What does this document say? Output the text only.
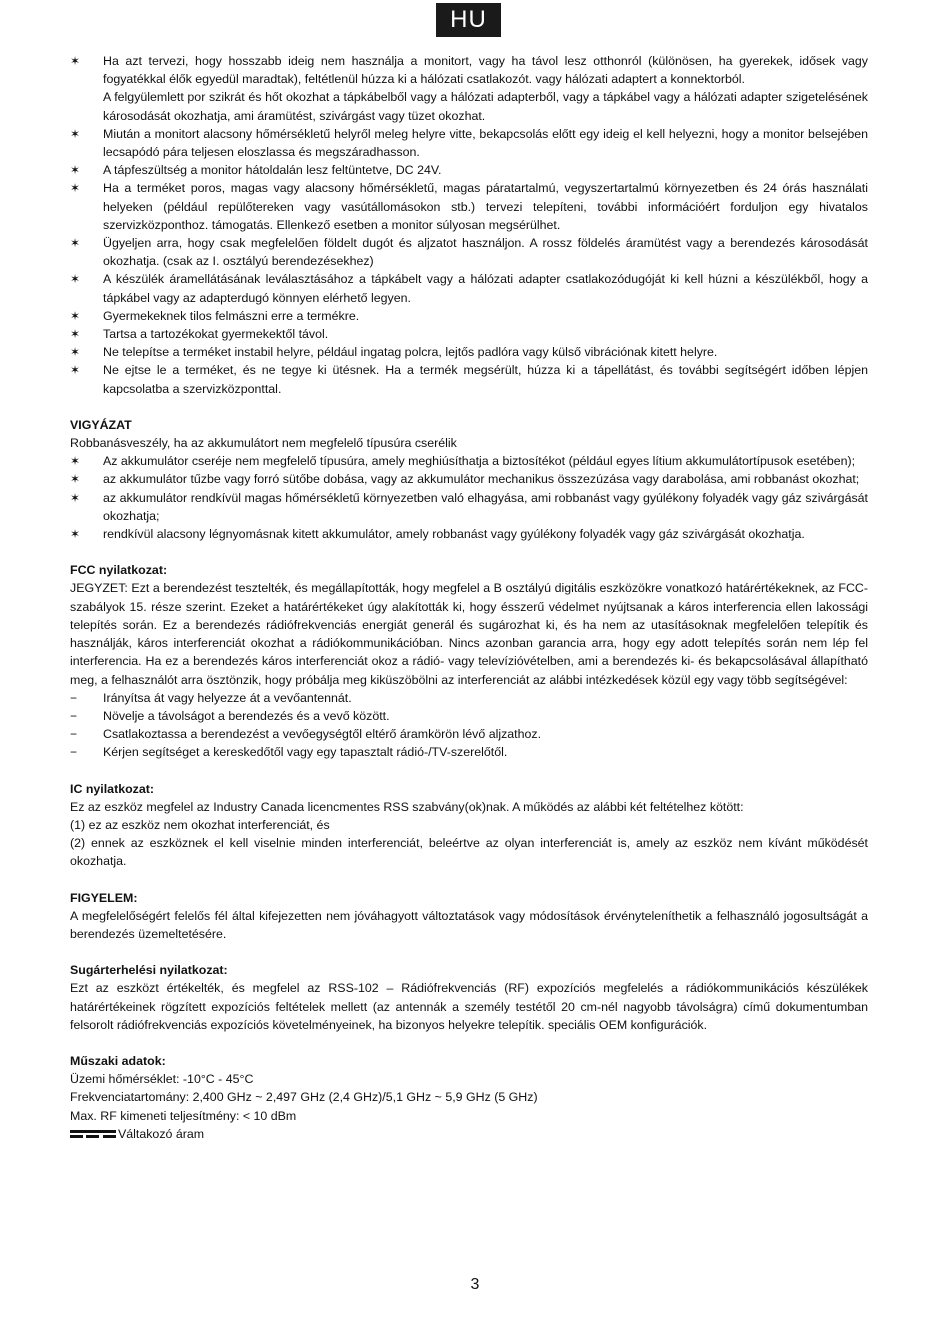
HU
✶ Ha azt tervezi, hogy hosszabb ideig nem használja a monitort, vagy ha távol lesz otthonról (különösen, ha gyerekek, idősek vagy fogyatékkal élők egyedül maradtak), feltétlenül húzza ki a hálózati csatlakozót. vagy hálózati adaptert a konnektorból.
A felgyülemlett por szikrát és hőt okozhat a tápkábelből vagy a hálózati adapterből, vagy a tápkábel vagy a hálózati adapter szigetelésének károsodását okozhatja, ami áramütést, szivárgást vagy tüzet okozhat.
✶ Miután a monitort alacsony hőmérsékletű helyről meleg helyre vitte, bekapcsolás előtt egy ideig el kell helyezni, hogy a monitor belsejében lecsapódó pára teljesen eloszlassa és megszáradhasson.
✶ A tápfeszültség a monitor hátoldalán lesz feltüntetve, DC 24V.
✶ Ha a terméket poros, magas vagy alacsony hőmérsékletű, magas páratartalmú, vegyszertartalmú környezetben és 24 órás használati helyeken (például repülőtereken vagy vasútállomásokon stb.) tervezi telepíteni, további információért forduljon egy hivatalos szervizközponthoz. támogatás. Ellenkező esetben a monitor súlyosan megsérülhet.
✶ Ügyeljen arra, hogy csak megfelelően földelt dugót és aljzatot használjon. A rossz földelés áramütést vagy a berendezés károsodását okozhatja. (csak az I. osztályú berendezésekhez)
✶ A készülék áramellátásának leválasztásához a tápkábelt vagy a hálózati adapter csatlakozódugóját ki kell húzni a készülékből, hogy a tápkábel vagy az adapterdugó könnyen elérhető legyen.
✶ Gyermekeknek tilos felmászni erre a termékre.
✶ Tartsa a tartozékokat gyermekektől távol.
✶ Ne telepítse a terméket instabil helyre, például ingatag polcra, lejtős padlóra vagy külső vibrációnak kitett helyre.
✶ Ne ejtse le a terméket, és ne tegye ki ütésnek. Ha a termék megsérült, húzza ki a tápellátást, és további segítségért időben lépjen kapcsolatba a szervizközponttal.
VIGYÁZAT

Robbanásveszély, ha az akkumulátort nem megfelelő típusúra cserélik

✶ Az akkumulátor cseréje nem megfelelő típusúra, amely meghiúsíthatja a biztosítékot (például egyes lítium akkumulátortípusok esetében);
✶ az akkumulátor tűzbe vagy forró sütőbe dobása, vagy az akkumulátor mechanikus összezúzása vagy darabolása, ami robbanást okozhat;
✶ az akkumulátor rendkívül magas hőmérsékletű környezetben való elhagyása, ami robbanást vagy gyúlékony folyadék vagy gáz szivárgását okozhatja;
✶ rendkívül alacsony légnyomásnak kitett akkumulátor, amely robbanást vagy gyúlékony folyadék vagy gáz szivárgását okozhatja.
FCC nyilatkozat:

JEGYZET: Ezt a berendezést tesztelték, és megállapították, hogy megfelel a B osztályú digitális eszközökre vonatkozó határértékeknek, az FCC-szabályok 15. része szerint. Ezeket a határértékeket úgy alakították ki, hogy ésszerű védelmet nyújtsanak a káros interferencia ellen lakossági telepítés során. Ez a berendezés rádiófrekvenciás energiát generál és sugározhat ki, és ha nem az utasításoknak megfelelően telepítik és használják, káros interferenciát okozhat a rádiókommunikációban. Nincs azonban garancia arra, hogy egy adott telepítés során nem lép fel interferencia. Ha ez a berendezés káros interferenciát okoz a rádió- vagy televízióvételben, ami a berendezés ki- és bekapcsolásával állapítható meg, a felhasználót arra ösztönzik, hogy próbálja meg kiküszöbölni az interferenciát az alábbi intézkedések közül egy vagy több segítségével:

− Irányítsa át vagy helyezze át a vevőantennát.
− Növelje a távolságot a berendezés és a vevő között.
− Csatlakoztassa a berendezést a vevőegységtől eltérő áramkörön lévő aljzathoz.
− Kérjen segítséget a kereskedőtől vagy egy tapasztalt rádió-/TV-szerelőtől.
IC nyilatkozat:

Ez az eszköz megfelel az Industry Canada licencmentes RSS szabvány(ok)nak. A működés az alábbi két feltételhez kötött:

(1) ez az eszköz nem okozhat interferenciát, és

(2) ennek az eszköznek el kell viselnie minden interferenciát, beleértve az olyan interferenciát is, amely az eszköz nem kívánt működését okozhatja.

FIGYELEM:

A megfelelőségért felelős fél által kifejezetten nem jóváhagyott változtatások vagy módosítások érvényteleníthetik a felhasználó jogosultságát a berendezés üzemeltetésére.

Sugárterhelési nyilatkozat:

Ezt az eszközt értékelték, és megfelel az RSS-102 – Rádiófrekvenciás (RF) expozíciós megfelelés a rádiókommunikációs készülékek határértékeinek rögzített expozíciós feltételek mellett (az antennák a személy testétől 20 cm-nél nagyobb távolságra) című dokumentumban felsorolt rádiófrekvenciás expozíciós követelményeinek, ha bizonyos helyekre telepítik. speciális OEM konfigurációk.

Műszaki adatok:

Üzemi hőmérséklet: -10°C - 45°C

Frekvenciatartomány: 2,400 GHz ~ 2,497 GHz (2,4 GHz)/5,1 GHz ~ 5,9 GHz (5 GHz)

Max. RF kimeneti teljesítmény: < 10 dBm

Váltakozó áram
3
